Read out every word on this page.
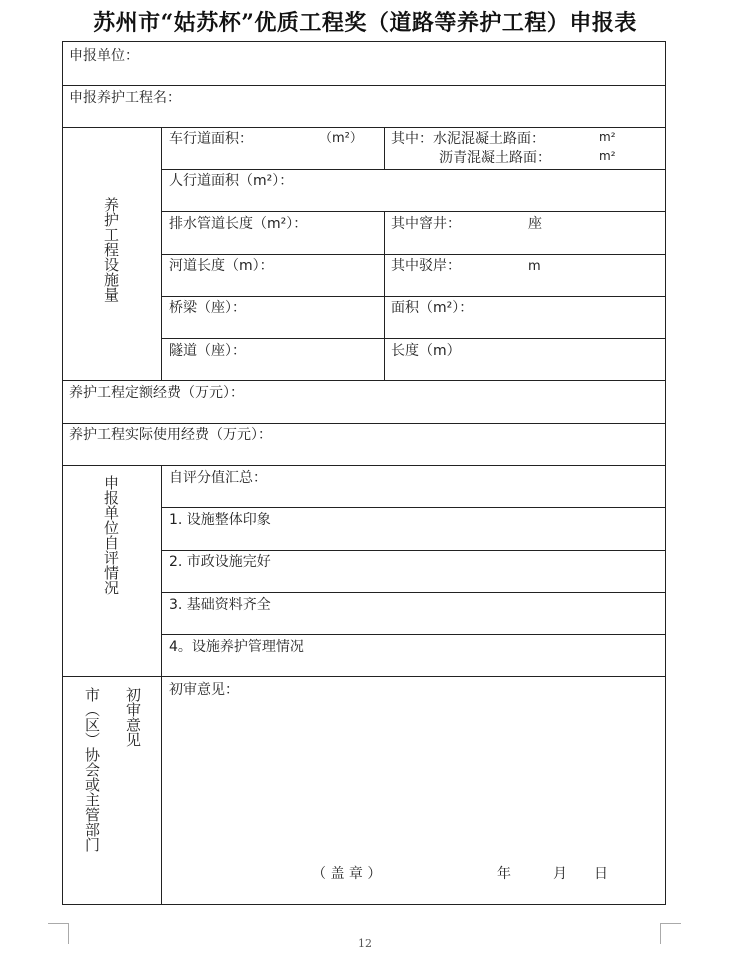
苏州市“姑苏杯”优质工程奖（道路等养护工程）申报表
申报单位：
申报养护工程名：
养护工程设施量
车行道面积：	（m²） 其中：水泥混凝土路面：	m²
沥青混凝土路面：	m²
人行道面积（m²）：
排水管道长度（m²）：	其中窨井：	座
河道长度（m）：	其中驳岸：	m
桥梁（座）：	面积（m²）：
隧道（座）：	长度（m）
养护工程定额经费（万元）：
养护工程实际使用经费（万元）：
申报单位自评情况	自评分值汇总：
1. 设施整体印象
2. 市政设施完好
3. 基础资料齐全
4。设施养护管理情况
市（区）协会或主管部门 初审意见 初审意见：
（ 盖 章 ）	年	月 日
12
